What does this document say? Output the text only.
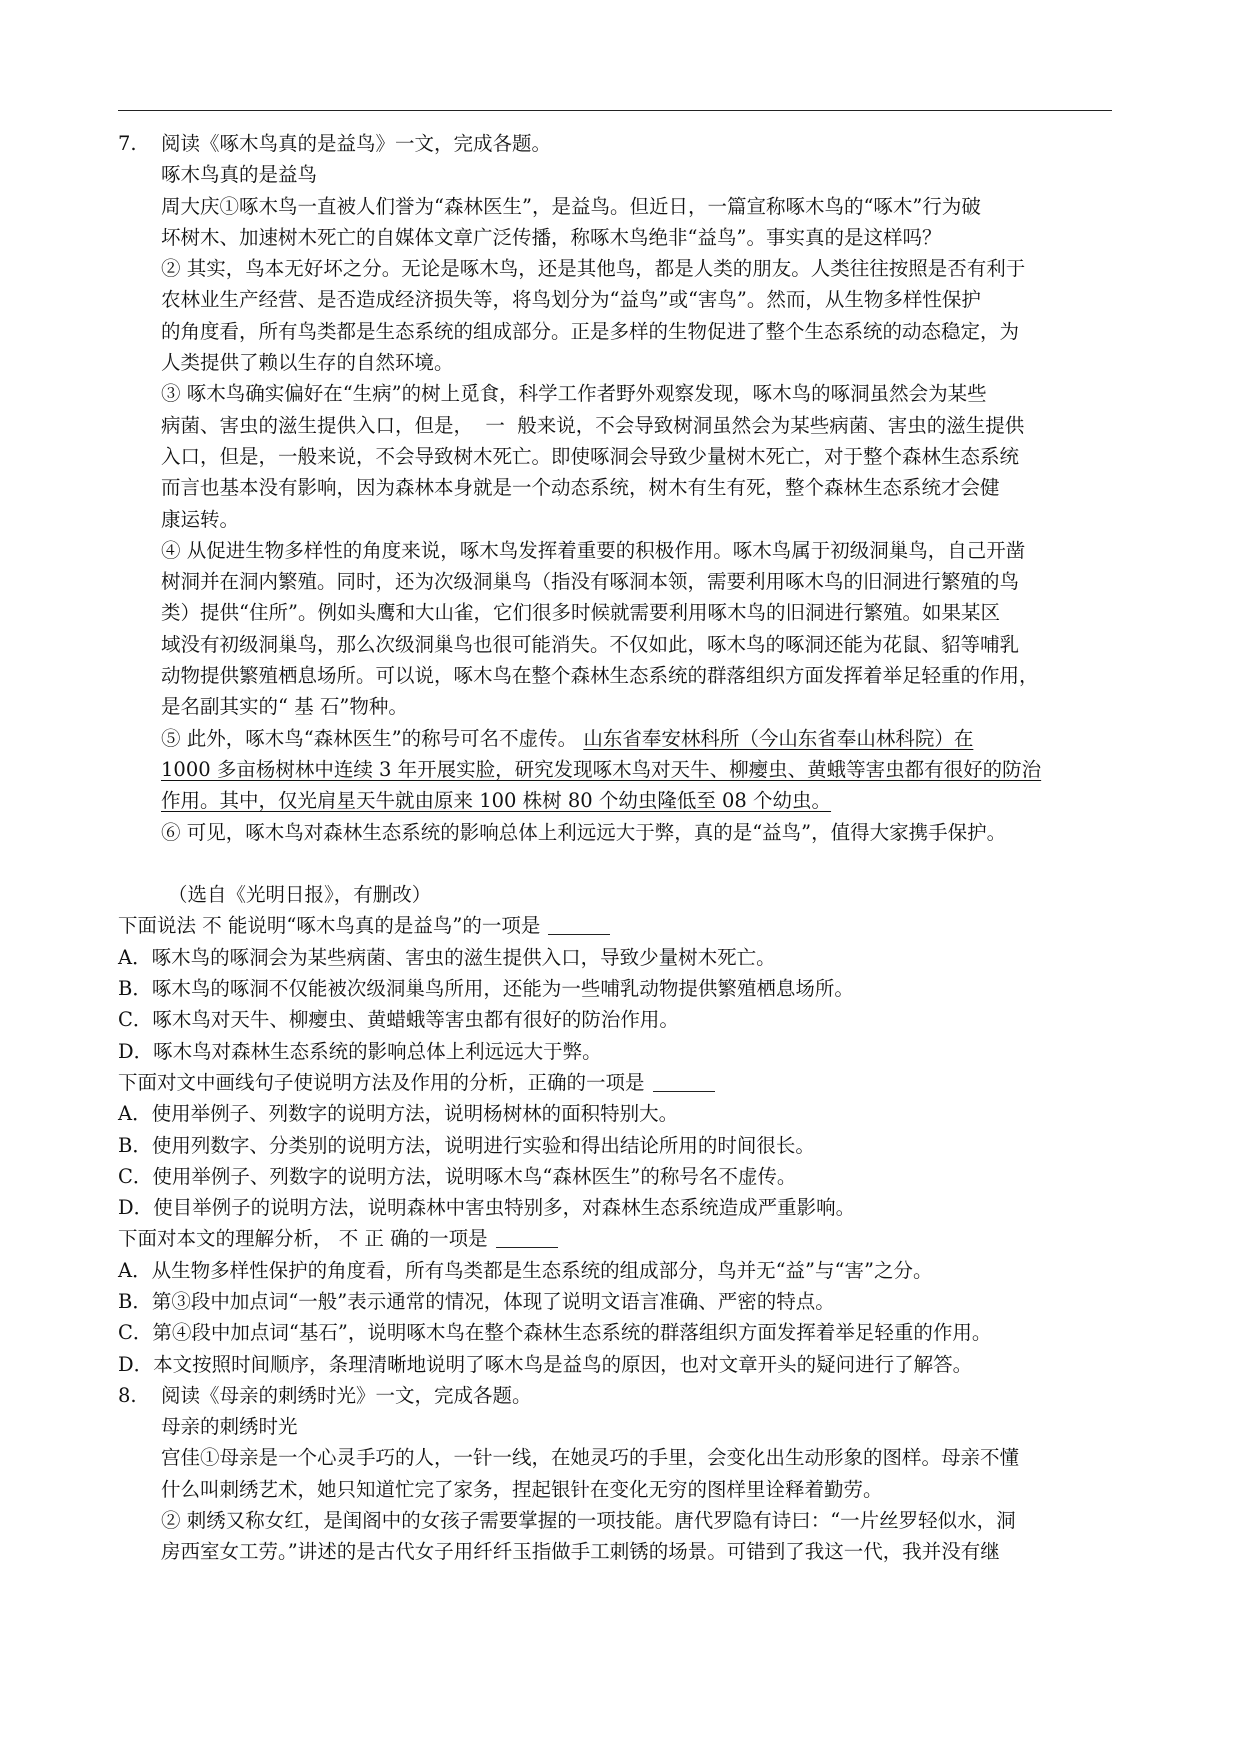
7. 阅读《啄木鸟真的是益鸟》一文，完成各题。
啄木鸟真的是益鸟
周大庆①啄木鸟一直被人们誉为“森林医生”，是益鸟。但近日，一篇宣称啄木鸟的“啄木”行为破
坏树木、加速树木死亡的自媒体文章广泛传播，称啄木鸟绝非“益鸟”。事实真的是这样吗？
② 其实，鸟本无好坏之分。无论是啄木鸟，还是其他鸟，都是人类的朋友。人类往往按照是否有利于
农林业生产经营、是否造成经济损失等，将鸟划分为“益鸟”或“害鸟”。然而，从生物多样性保护
的角度看，所有鸟类都是生态系统的组成部分。正是多样的生物促进了整个生态系统的动态稳定，为
人类提供了赖以生存的自然环境。
③ 啄木鸟确实偏好在“生病”的树上觅食，科学工作者野外观察发现，啄木鸟的啄洞虽然会为某些
病菌、害虫的滋生提供入口，但是，  一  般来说，不会导致树洞虽然会为某些病菌、害虫的滋生提供
入口，但是，一般来说，不会导致树木死亡。即使啄洞会导致少量树木死亡，对于整个森林生态系统
而言也基本没有影响，因为森林本身就是一个动态系统，树木有生有死，整个森林生态系统才会健
康运转。
④ 从促进生物多样性的角度来说，啄木鸟发挥着重要的积极作用。啄木鸟属于初级洞巢鸟，自己开凿
树洞并在洞内繁殖。同时，还为次级洞巢鸟（指没有啄洞本领，需要利用啄木鸟的旧洞进行繁殖的鸟
类）提供“住所”。例如头鹰和大山雀，它们很多时候就需要利用啄木鸟的旧洞进行繁殖。如果某区
域没有初级洞巢鸟，那么次级洞巢鸟也很可能消失。不仅如此，啄木鸟的啄洞还能为花鼠、貂等哺乳
动物提供繁殖栖息场所。可以说，啄木鸟在整个森林生态系统的群落组织方面发挥着举足轻重的作用，
是名副其实的“ 基 石”物种。
⑤ 此外，啄木鸟“森林医生”的称号可名不虚传。 山东省奉安林科所（今山东省奉山林科院）在
1000 多亩杨树林中连续 3 年开展实脸，研究发现啄木鸟对天牛、柳瘿虫、黄蛾等害虫都有很好的防治
作用。其中，仅光肩星天牛就由原来 100 株树 80 个幼虫隆低至 08 个幼虫。
⑥ 可见，啄木鸟对森林生态系统的影响总体上利远远大于弊，真的是“益鸟”，值得大家携手保护。
（选自《光明日报》，有删改）
下面说法 不 能说明“啄木鸟真的是益鸟”的一项是
A．啄木鸟的啄洞会为某些病菌、害虫的滋生提供入口，导致少量树木死亡。
B．啄木鸟的啄洞不仅能被次级洞巢鸟所用，还能为一些哺乳动物提供繁殖栖息场所。
C．啄木鸟对天牛、柳瘿虫、黄蜡蛾等害虫都有很好的防治作用。
D．啄木鸟对森林生态系统的影响总体上利远远大于弊。
下面对文中画线句子使说明方法及作用的分析，正确的一项是
A．使用举例子、列数字的说明方法，说明杨树林的面积特别大。
B．使用列数字、分类别的说明方法，说明进行实验和得出结论所用的时间很长。
C．使用举例子、列数字的说明方法，说明啄木鸟“森林医生”的称号名不虚传。
D．使目举例子的说明方法，说明森林中害虫特别多，对森林生态系统造成严重影响。
下面对本文的理解分析， 不 正 确的一项是
A．从生物多样性保护的角度看，所有鸟类都是生态系统的组成部分，鸟并无“益”与“害”之分。
B．第③段中加点词“一般”表示通常的情况，体现了说明文语言准确、严密的特点。
C．第④段中加点词“基石”，说明啄木鸟在整个森林生态系统的群落组织方面发挥着举足轻重的作用。
D．本文按照时间顺序，条理清晰地说明了啄木鸟是益鸟的原因，也对文章开头的疑问进行了解答。
8. 阅读《母亲的刺绣时光》一文，完成各题。
母亲的刺绣时光
宫佳①母亲是一个心灵手巧的人，一针一线，在她灵巧的手里，会变化出生动形象的图样。母亲不懂
什么叫刺绣艺术，她只知道忙完了家务，捏起银针在变化无穷的图样里诠释着勤劳。
② 刺绣又称女红，是闺阁中的女孩子需要掌握的一项技能。唐代罗隐有诗曰：“一片丝罗轻似水，洞
房西室女工劳。”讲述的是古代女子用纤纤玉指做手工刺锈的场景。可错到了我这一代，我并没有继
